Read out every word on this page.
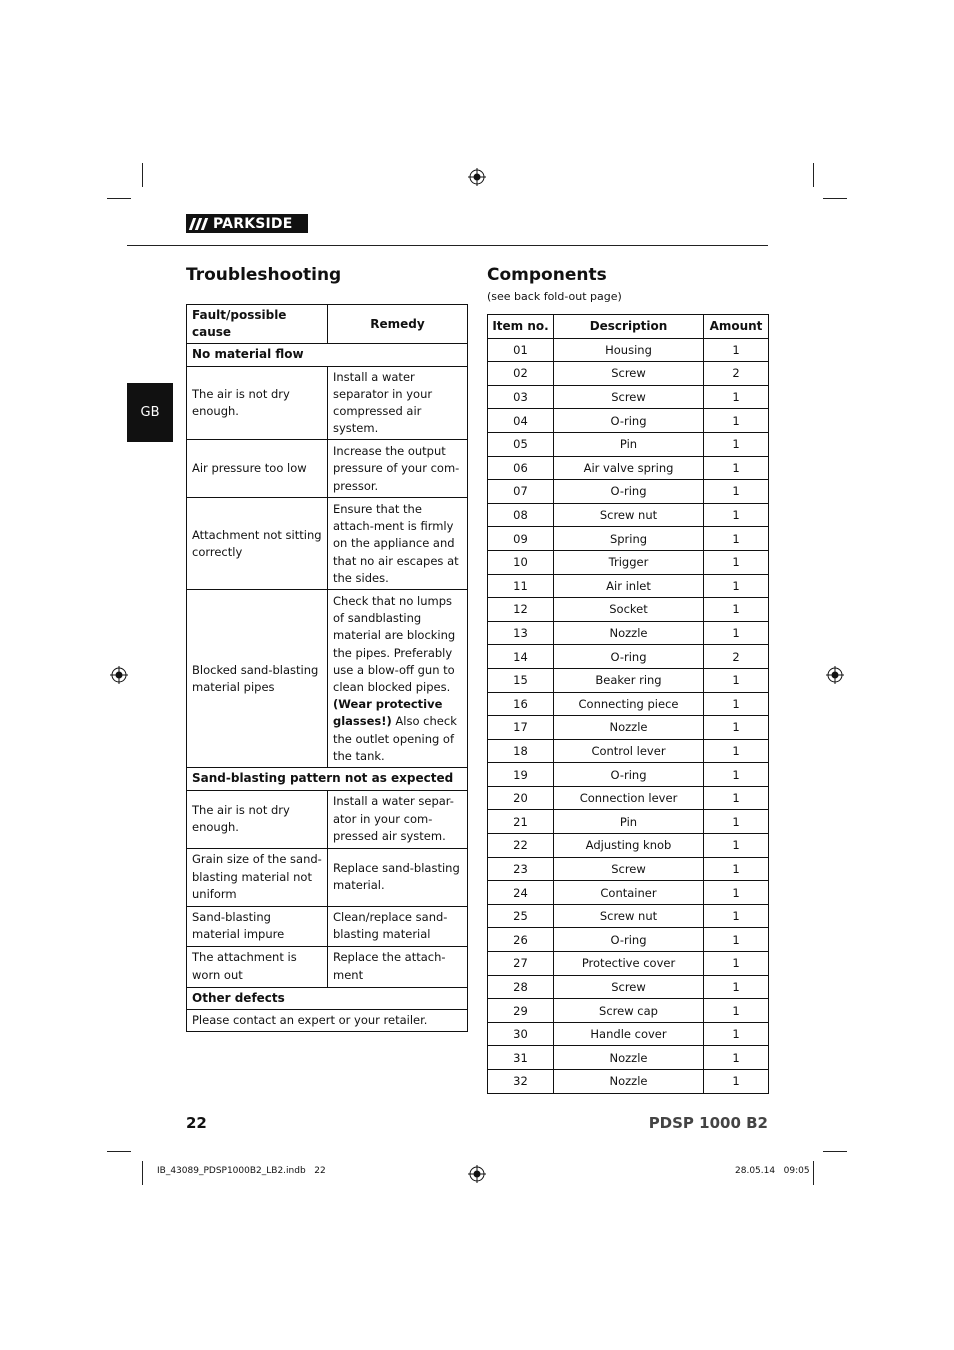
PARKSIDE
GB
Troubleshooting
Fault/possible cause	Remedy
No material flow	
The air is not dry enough.	Install a water separator in your compressed air system.
Air pressure too low	Increase the output pressure of your com-pressor.
Attachment not sitting correctly	Ensure that the attach-ment is firmly on the appliance and that no air escapes at the sides.
Blocked sand-blasting material pipes	Check that no lumps of sandblasting material are blocking the pipes. Preferably use a blow-off gun to clean blocked pipes. (Wear protective glasses!) Also check the outlet opening of the tank.
Sand-blasting pattern not as expected	
The air is not dry enough.	Install a water separ-ator in your com-pressed air system.
Grain size of the sand-blasting material not uniform	Replace sand-blasting material.
Sand-blasting material impure	Clean/replace sand-blasting material
The attachment is worn out	Replace the attach-ment
Other defects	
Please contact an expert or your retailer.	
Components
(see back fold-out page)
Item no.	Description	Amount
01	Housing	1
02	Screw	2
03	Screw	1
04	O-ring	1
05	Pin	1
06	Air valve spring	1
07	O-ring	1
08	Screw nut	1
09	Spring	1
10	Trigger	1
11	Air inlet	1
12	Socket	1
13	Nozzle	1
14	O-ring	2
15	Beaker ring	1
16	Connecting piece	1
17	Nozzle	1
18	Control lever	1
19	O-ring	1
20	Connection lever	1
21	Pin	1
22	Adjusting knob	1
23	Screw	1
24	Container	1
25	Screw nut	1
26	O-ring	1
27	Protective cover	1
28	Screw	1
29	Screw cap	1
30	Handle cover	1
31	Nozzle	1
32	Nozzle	1
22	PDSP 1000 B2
IB_43089_PDSP1000B2_LB2.indb   22	28.05.14   09:05
